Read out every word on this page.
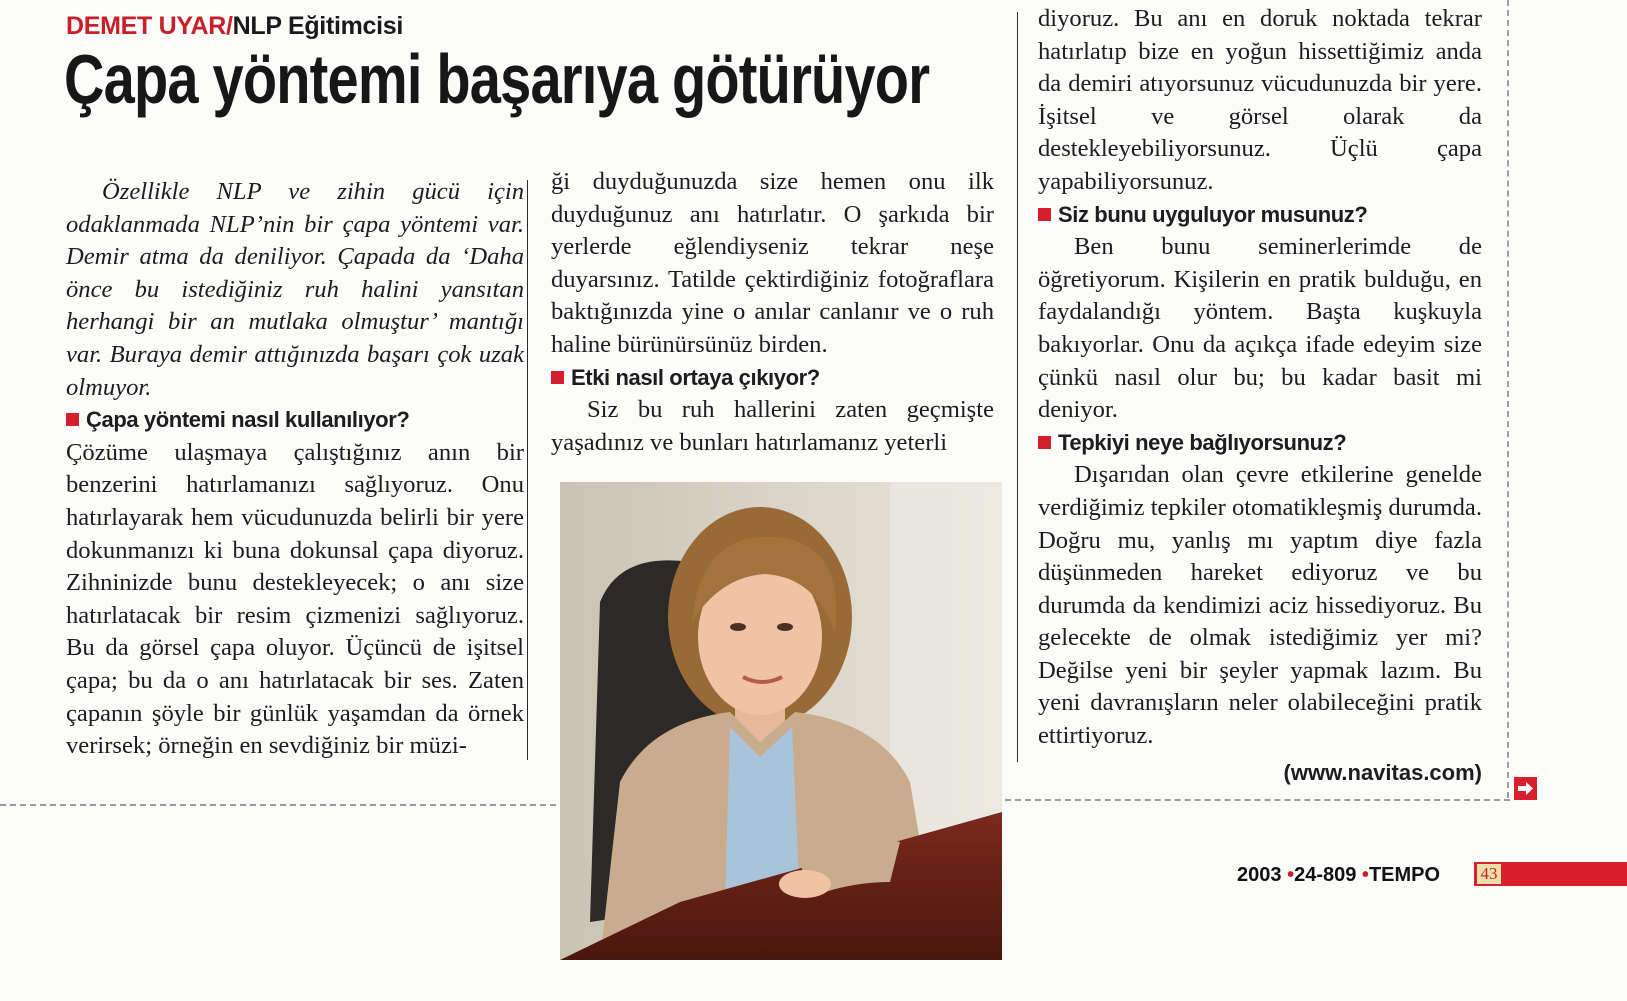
DEMET UYAR/NLP Eğitimcisi
Çapa yöntemi başarıya götürüyor

Özellikle NLP ve zihin gücü için odaklanmada NLP’nin bir çapa yöntemi var. Demir atma da deniliyor. Çapada da ‘Daha önce bu istediğiniz ruh halini yansıtan herhangi bir an mutlaka olmuştur’ mantığı var. Buraya demir attığınızda başarı çok uzak olmuyor.

Çapa yöntemi nasıl kullanılıyor?

Çözüme ulaşmaya çalıştığınız anın bir benzerini hatırlamanızı sağlıyoruz. Onu hatırlayarak hem vücudunuzda belirli bir yere dokunmanızı ki buna dokunsal çapa diyoruz. Zihninizde bunu destekleyecek; o anı size hatırlatacak bir resim çizmenizi sağlıyoruz. Bu da görsel çapa oluyor. Üçüncü de işitsel çapa; bu da o anı hatırlatacak bir ses. Zaten çapanın şöyle bir günlük yaşamdan da örnek verirsek; örneğin en sevdiğiniz bir müzi-

ği duyduğunuzda size hemen onu ilk duyduğunuz anı hatırlatır. O şarkıda bir yerlerde eğlendiyseniz tekrar neşe duyarsınız. Tatilde çektirdiğiniz fotoğraflara baktığınızda yine o anılar canlanır ve o ruh haline bürünürsünüz birden.

Etki nasıl ortaya çıkıyor?

Siz bu ruh hallerini zaten geçmişte yaşadınız ve bunları hatırlamanız yeterli

diyoruz. Bu anı en doruk noktada tekrar hatırlatıp bize en yoğun hissettiğimiz anda da demiri atıyorsunuz vücudunuzda bir yere. İşitsel ve görsel olarak da destekleyebiliyorsunuz. Üçlü çapa yapabiliyorsunuz.

Siz bunu uyguluyor musunuz?

Ben bunu seminerlerimde de öğretiyorum. Kişilerin en pratik bulduğu, en faydalandığı yöntem. Başta kuşkuyla bakıyorlar. Onu da açıkça ifade edeyim size çünkü nasıl olur bu; bu kadar basit mi deniyor.

Tepkiyi neye bağlıyorsunuz?

Dışarıdan olan çevre etkilerine genelde verdiğimiz tepkiler otomatikleşmiş durumda. Doğru mu, yanlış mı yaptım diye fazla düşünmeden hareket ediyoruz ve bu durumda da kendimizi aciz hissediyoruz. Bu gelecekte de olmak istediğimiz yer mi? Değilse yeni bir şeyler yapmak lazım. Bu yeni davranışların neler olabileceğini pratik ettirtiyoruz.

(www.navitas.com)
43
2003 •24-809 •TEMPO
